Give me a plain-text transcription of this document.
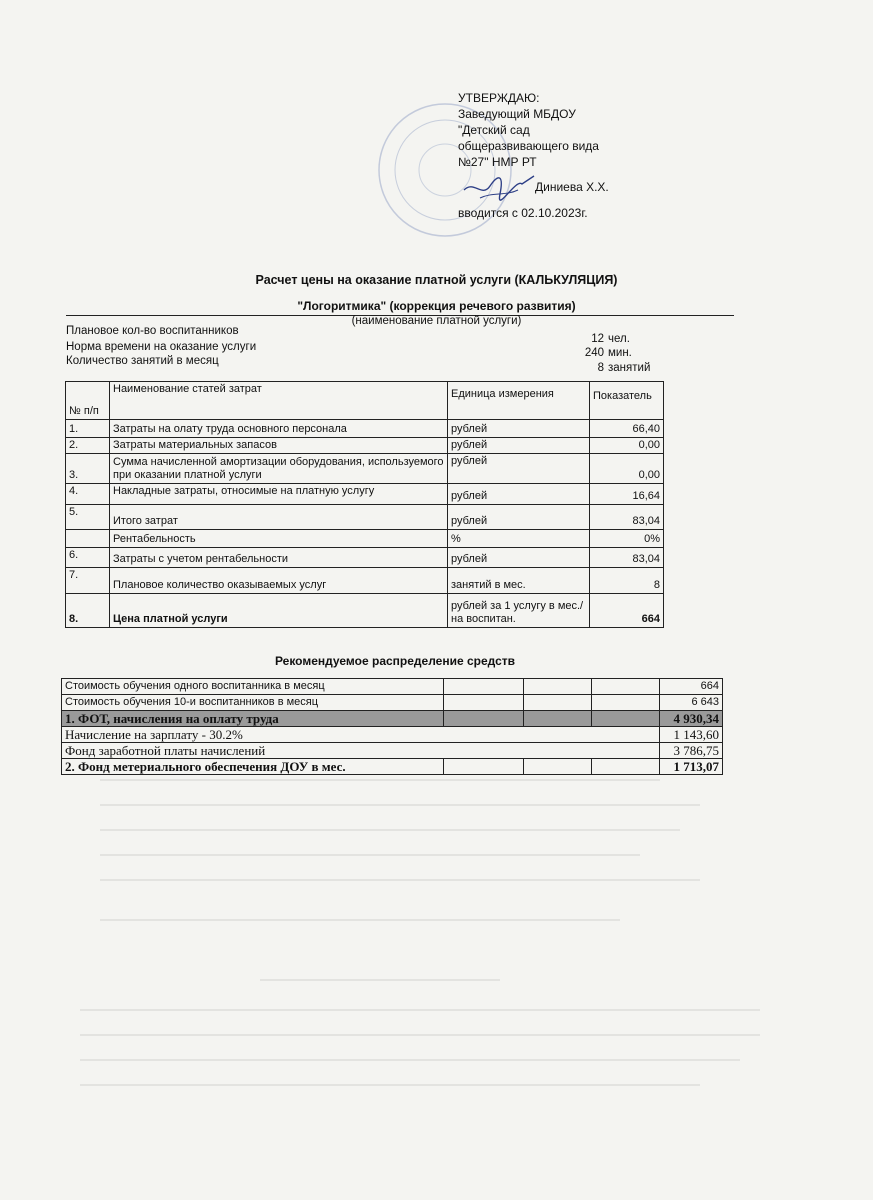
УТВЕРЖДАЮ:
Заведующий МБДОУ
"Детский сад
общеразвивающего вида
№27" НМР РТ
Диниева Х.Х.
вводится с 02.10.2023г.
Расчет цены на оказание платной услуги (КАЛЬКУЛЯЦИЯ)
"Логоритмика" (коррекция речевого развития)
(наименование платной услуги)
Плановое кол-во воспитанников
12 чел.
Норма времени на оказание услуги	240 мин.
Количество занятий в месяц
8 занятий
№ п/п	Наименование статей затрат	Единица измерения	Показатель
1.	Затраты на олату труда основного персонала	рублей	66,40
2.	Затраты материальных запасов	рублей	0,00
3.	Сумма начисленной амортизации оборудования, используемого при оказании платной услуги	рублей	0,00
4.	Накладные затраты, относимые на платную услугу	рублей	16,64
5.	Итого затрат	рублей	83,04
	Рентабельность	%	0%
6.	Затраты с учетом рентабельности	рублей	83,04
7.	Плановое количество оказываемых услуг	занятий в мес.	8
8.	Цена платной услуги	рублей за 1 услугу в мес./на воспитан.	664
Рекомендуемое распределение средств
Стоимость обучения одного воспитанника в месяц				664
Стоимость обучения 10-и воспитанников в месяц				6 643
1. ФОТ, начисления на оплату труда				4 930,34
Начисление на зарплату - 30.2%				1 143,60
Фонд заработной платы начислений				3 786,75
2. Фонд метериального обеспечения ДОУ в мес.				1 713,07
